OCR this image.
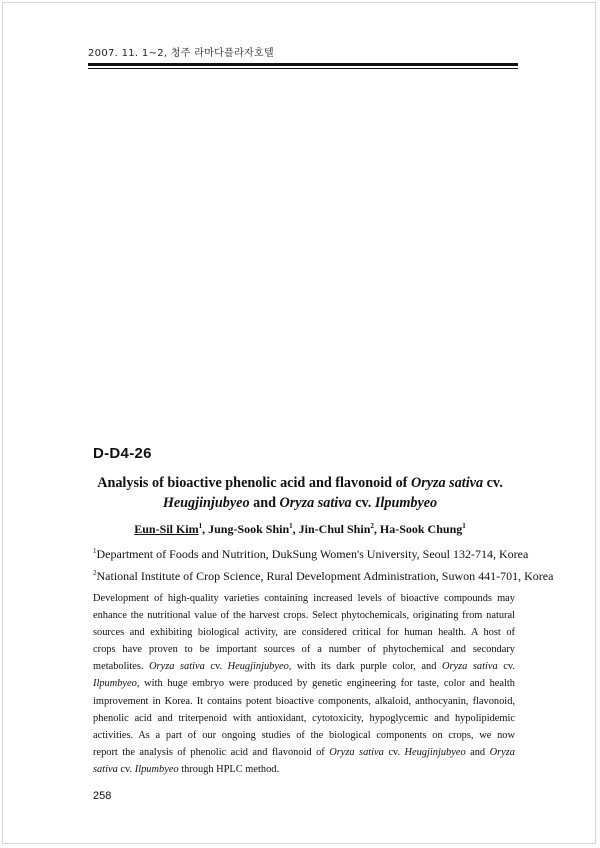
2007. 11. 1~2, 청주 라마다플라자호텔
D-D4-26
Analysis of bioactive phenolic acid and flavonoid of Oryza sativa cv.
Heugjinjubyeo and Oryza sativa cv. Ilpumbyeo
Eun-Sil Kim$^1$, Jung-Sook Shin$^1$, Jin-Chul Shin$^2$, Ha-Sook Chung$^1$
$^1$Department of Foods and Nutrition, DukSung Women's University, Seoul 132-714, Korea
$^2$National Institute of Crop Science, Rural Development Administration, Suwon 441-701, Korea
Development of high-quality varieties containing increased levels of bioactive compounds may
enhance the nutritional value of the harvest crops. Select phytochemicals, originating from natural
sources and exhibiting biological activity, are considered critical for human health. A host of
crops have proven to be important sources of a number of phytochemical and secondary
metabolites. Oryza sativa cv. Heugjinjubyeo, with its dark purple color, and Oryza sativa cv.
Ilpumbyeo, with huge embryo were produced by genetic engineering for taste, color and health
improvement in Korea. It contains potent bioactive components, alkaloid, anthocyanin, flavonoid,
phenolic acid and triterpenoid with antioxidant, cytotoxicity, hypoglycemic and hypolipidemic
activities. As a part of our ongoing studies of the biological components on crops, we now
report the analysis of phenolic acid and flavonoid of Oryza sativa cv. Heugjinjubyeo and Oryza
sativa cv. Ilpumbyeo through HPLC method.
258
